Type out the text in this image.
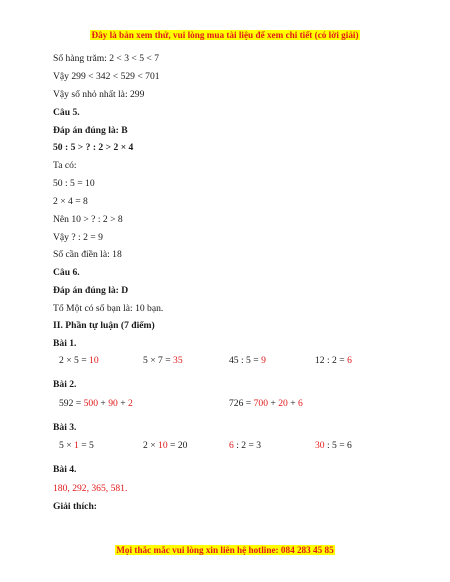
Đây là bản xem thử, vui lòng mua tài liệu để xem chi tiết (có lời giải)
Số hàng trăm: 2 < 3 < 5 < 7
Vậy 299 < 342 < 529 < 701
Vậy số nhỏ nhất là: 299
Câu 5.
Đáp án đúng là: B
50 : 5 > ? : 2 > 2 × 4
Ta có:
50 : 5 = 10
2 × 4 = 8
Nên 10 > ? : 2 > 8
Vậy ? : 2 = 9
Số cần điền là: 18
Câu 6.
Đáp án đúng là: D
Tổ Một có số bạn là: 10 bạn.
II. Phần tự luận (7 điểm)
Bài 1.
2 × 5 = 10	5 × 7 = 35	45 : 5 = 9	12 : 2 = 6
Bài 2.
592 = 500 + 90 + 2	726 = 700 + 20 + 6
Bài 3.
5 × 1 = 5	2 × 10 = 20	6 : 2 = 3	30 : 5 = 6
Bài 4.
180, 292, 365, 581.
Giải thích:
Mọi thắc mắc vui lòng xin liên hệ hotline: 084 283 45 85
